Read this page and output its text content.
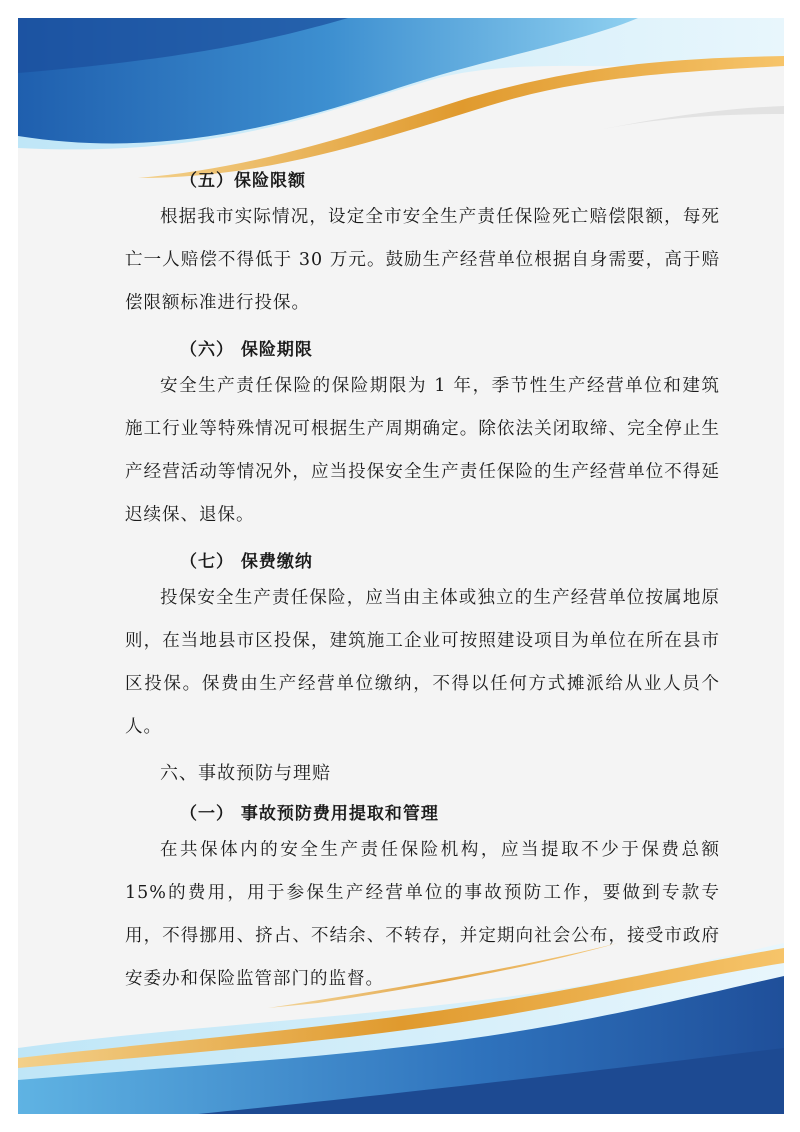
（五）保险限额

根据我市实际情况，设定全市安全生产责任保险死亡赔偿限额，每死亡一人赔偿不得低于 30 万元。鼓励生产经营单位根据自身需要，高于赔偿限额标准进行投保。

（六） 保险期限

安全生产责任保险的保险期限为 1 年，季节性生产经营单位和建筑施工行业等特殊情况可根据生产周期确定。除依法关闭取缔、完全停止生产经营活动等情况外，应当投保安全生产责任保险的生产经营单位不得延迟续保、退保。

（七） 保费缴纳

投保安全生产责任保险，应当由主体或独立的生产经营单位按属地原则，在当地县市区投保，建筑施工企业可按照建设项目为单位在所在县市区投保。保费由生产经营单位缴纳，不得以任何方式摊派给从业人员个人。

六、事故预防与理赔

（一） 事故预防费用提取和管理

在共保体内的安全生产责任保险机构，应当提取不少于保费总额 15%的费用，用于参保生产经营单位的事故预防工作，要做到专款专用，不得挪用、挤占、不结余、不转存，并定期向社会公布，接受市政府安委办和保险监管部门的监督。
